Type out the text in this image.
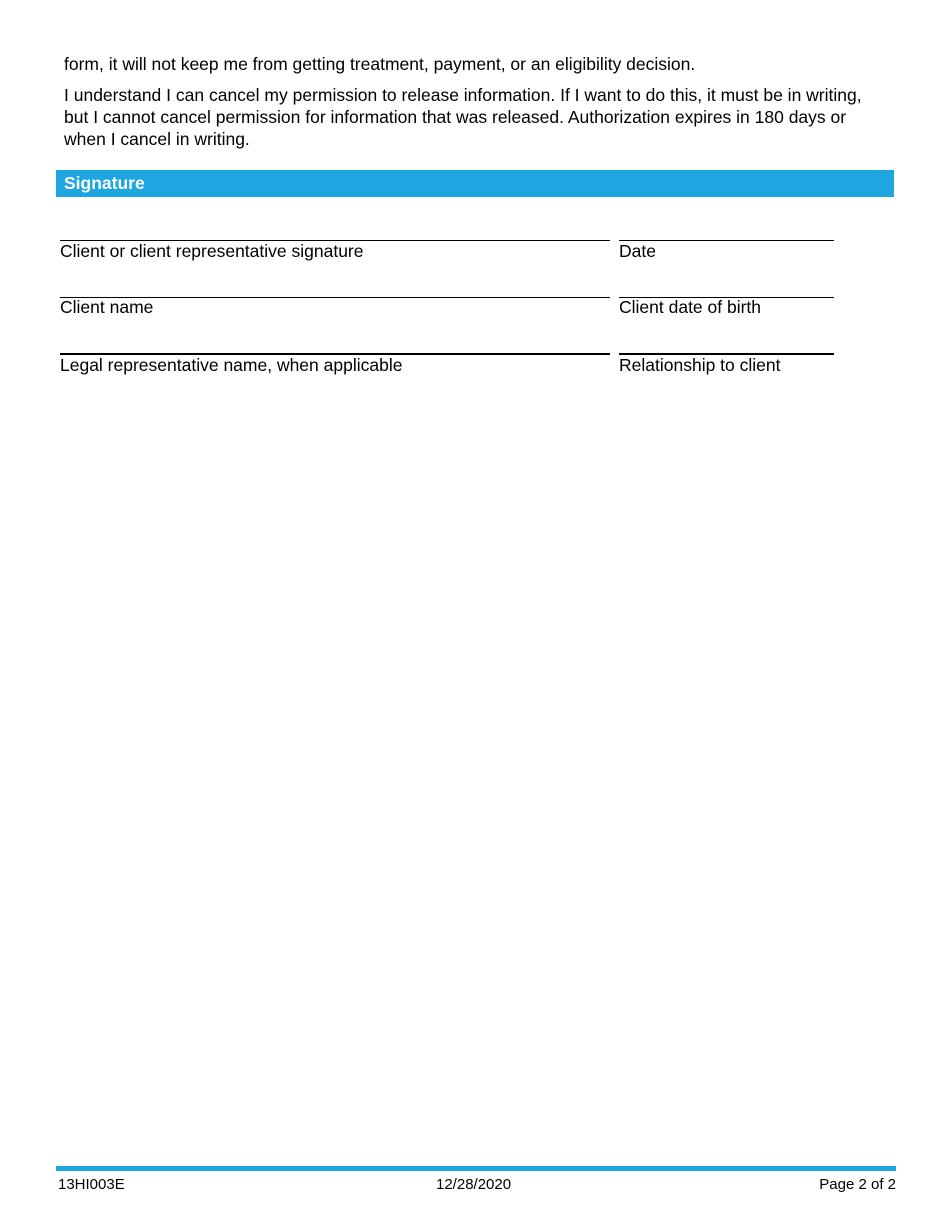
form, it will not keep me from getting treatment, payment, or an eligibility decision.

I understand I can cancel my permission to release information. If I want to do this, it must be in writing, but I cannot cancel permission for information that was released. Authorization expires in 180 days or when I cancel in writing.

Signature
Client or client representative signature	Date
Client name	Client date of birth
Legal representative name, when applicable	Relationship to client
13HI003E	12/28/2020	Page 2 of 2
